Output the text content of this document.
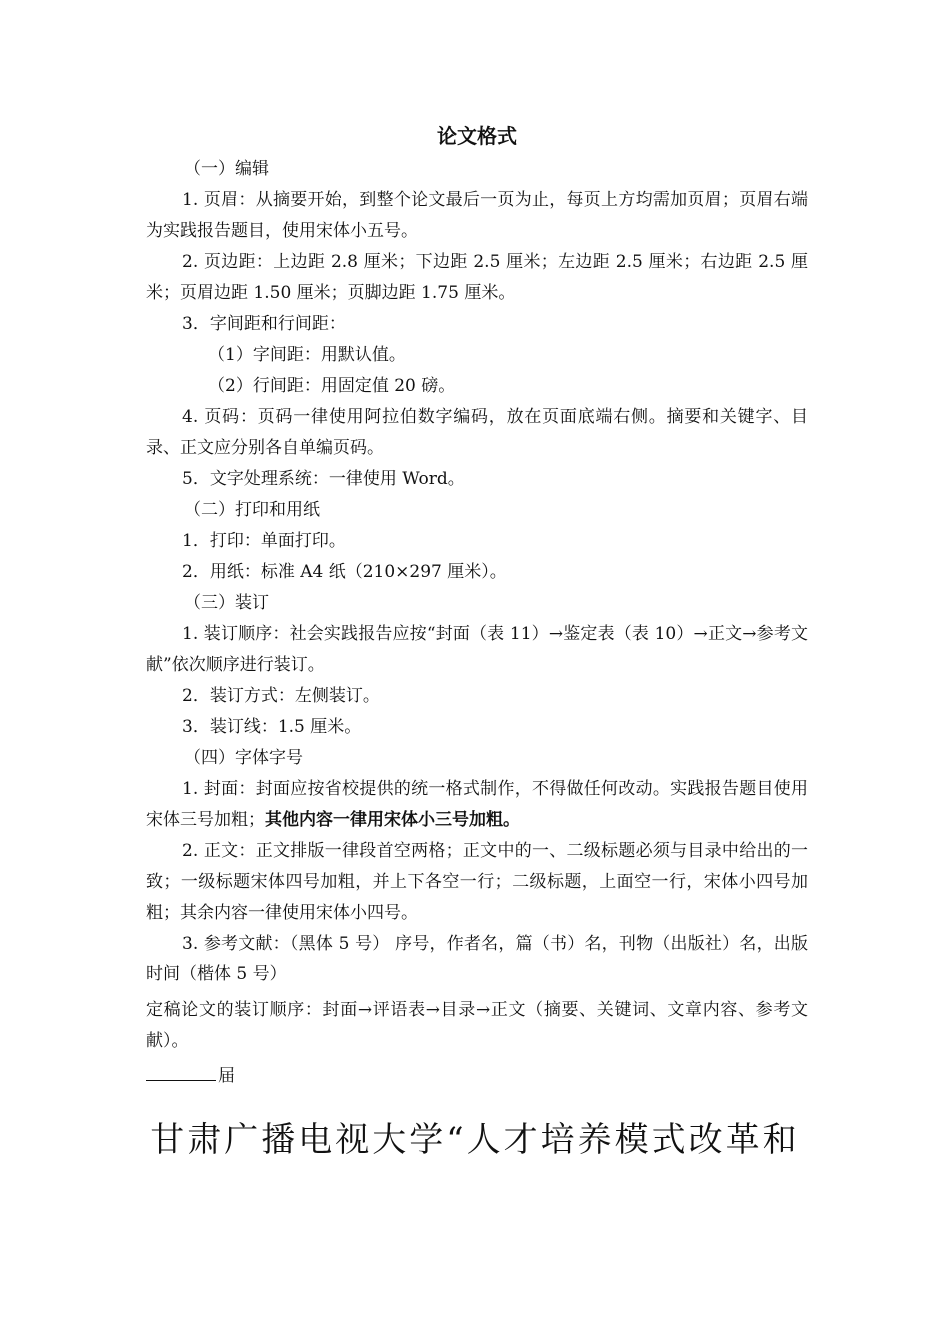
论文格式

（一）编辑

1. 页眉：从摘要开始，到整个论文最后一页为止，每页上方均需加页眉；页眉右端为实践报告题目，使用宋体小五号。

2. 页边距：上边距 2.8 厘米；下边距 2.5 厘米；左边距 2.5 厘米；右边距 2.5 厘米；页眉边距 1.50 厘米；页脚边距 1.75 厘米。

3．字间距和行间距：

（1）字间距：用默认值。

（2）行间距：用固定值 20 磅。

4. 页码：页码一律使用阿拉伯数字编码，放在页面底端右侧。摘要和关键字、目录、正文应分别各自单编页码。

5．文字处理系统：一律使用 Word。

（二）打印和用纸

1．打印：单面打印。

2．用纸：标准 A4 纸（210×297 厘米）。

（三）装订

1. 装订顺序：社会实践报告应按“封面（表 11）→鉴定表（表 10）→正文→参考文献”依次顺序进行装订。

2．装订方式：左侧装订。

3．装订线：1.5 厘米。

（四）字体字号

1. 封面：封面应按省校提供的统一格式制作，不得做任何改动。实践报告题目使用宋体三号加粗；其他内容一律用宋体小三号加粗。

2. 正文：正文排版一律段首空两格；正文中的一、二级标题必须与目录中给出的一致；一级标题宋体四号加粗，并上下各空一行；二级标题，上面空一行，宋体小四号加粗；其余内容一律使用宋体小四号。

3. 参考文献：（黑体 5 号） 序号，作者名，篇（书）名，刊物（出版社）名，出版时间（楷体 5 号）

定稿论文的装订顺序：封面→评语表→目录→正文（摘要、关键词、文章内容、参考文献）。

届

甘肃广播电视大学“人才培养模式改革和
